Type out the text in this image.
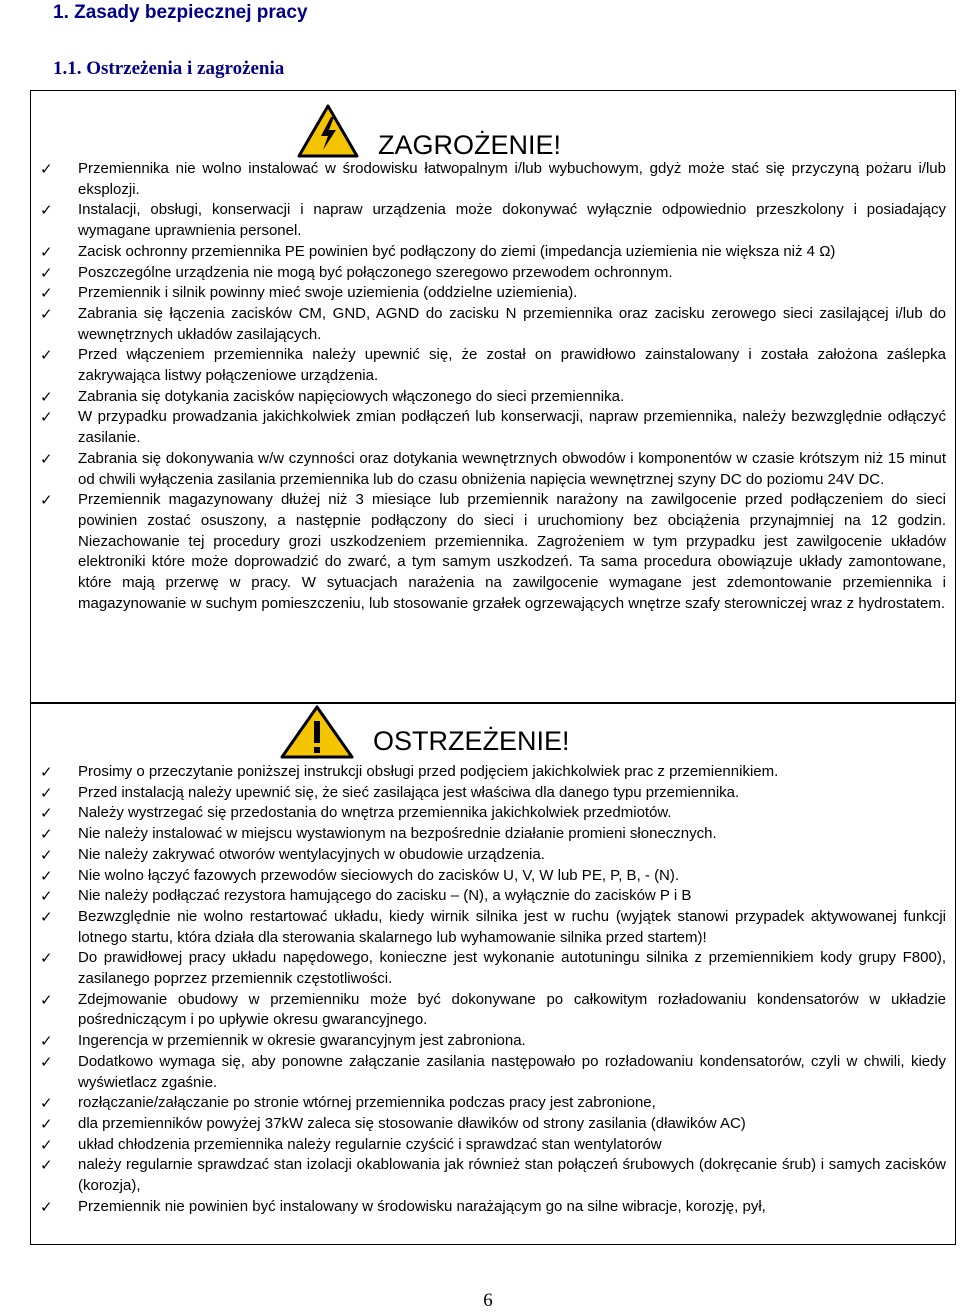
1. Zasady bezpiecznej pracy
1.1. Ostrzeżenia i zagrożenia
ZAGROŻENIE!
✓ Przemiennika nie wolno instalować w środowisku łatwopalnym i/lub wybuchowym, gdyż może stać się przyczyną pożaru i/lub eksplozji.
✓ Instalacji, obsługi, konserwacji i napraw urządzenia może dokonywać wyłącznie odpowiednio przeszkolony i posiadający wymagane uprawnienia personel.
✓ Zacisk ochronny przemiennika PE powinien być podłączony do ziemi (impedancja uziemienia nie większa niż 4 Ω)
✓ Poszczególne urządzenia nie mogą być połączonego szeregowo przewodem ochronnym.
✓ Przemiennik i silnik powinny mieć swoje uziemienia (oddzielne uziemienia).
✓ Zabrania się łączenia zacisków CM, GND, AGND do zacisku N przemiennika oraz zacisku zerowego sieci zasilającej i/lub do wewnętrznych układów zasilających.
✓ Przed włączeniem przemiennika należy upewnić się, że został on prawidłowo zainstalowany i została założona zaślepka zakrywająca listwy połączeniowe urządzenia.
✓ Zabrania się dotykania zacisków napięciowych włączonego do sieci przemiennika.
✓ W przypadku prowadzania jakichkolwiek zmian podłączeń lub konserwacji, napraw przemiennika, należy bezwzględnie odłączyć zasilanie.
✓ Zabrania się dokonywania w/w czynności oraz dotykania wewnętrznych obwodów i komponentów w czasie krótszym niż 15 minut od chwili wyłączenia zasilania przemiennika lub do czasu obniżenia napięcia wewnętrznej szyny DC do poziomu 24V DC.
✓ Przemiennik magazynowany dłużej niż 3 miesiące lub przemiennik narażony na zawilgocenie przed podłączeniem do sieci powinien zostać osuszony, a następnie podłączony do sieci i uruchomiony bez obciążenia przynajmniej na 12 godzin. Niezachowanie tej procedury grozi uszkodzeniem przemiennika. Zagrożeniem w tym przypadku jest zawilgocenie układów elektroniki które może doprowadzić do zwarć, a tym samym uszkodzeń. Ta sama procedura obowiązuje układy zamontowane, które mają przerwę w pracy. W sytuacjach narażenia na zawilgocenie wymagane jest zdemontowanie przemiennika i magazynowanie w suchym pomieszczeniu, lub stosowanie grzałek ogrzewających wnętrze szafy sterowniczej wraz z hydrostatem.
OSTRZEŻENIE!
✓ Prosimy o przeczytanie poniższej instrukcji obsługi przed podjęciem jakichkolwiek prac z przemiennikiem.
✓ Przed instalacją należy upewnić się, że sieć zasilająca jest właściwa dla danego typu przemiennika.
✓ Należy wystrzegać się przedostania do wnętrza przemiennika jakichkolwiek przedmiotów.
✓ Nie należy instalować w miejscu wystawionym na bezpośrednie działanie promieni słonecznych.
✓ Nie należy zakrywać otworów wentylacyjnych w obudowie urządzenia.
✓ Nie wolno łączyć fazowych przewodów sieciowych do zacisków U, V, W lub PE, P, B, - (N).
✓ Nie należy podłączać rezystora hamującego do zacisku – (N), a wyłącznie do zacisków P i B
✓ Bezwzględnie nie wolno restartować układu, kiedy wirnik silnika jest w ruchu (wyjątek stanowi przypadek aktywowanej funkcji lotnego startu, która działa dla sterowania skalarnego lub wyhamowanie silnika przed startem)!
✓ Do prawidłowej pracy układu napędowego, konieczne jest wykonanie autotuningu silnika z przemiennikiem kody grupy F800), zasilanego poprzez przemiennik częstotliwości.
✓ Zdejmowanie obudowy w przemienniku może być dokonywane po całkowitym rozładowaniu kondensatorów w układzie pośredniczącym i po upływie okresu gwarancyjnego.
✓ Ingerencja w przemiennik w okresie gwarancyjnym jest zabroniona.
✓ Dodatkowo wymaga się, aby ponowne załączanie zasilania następowało po rozładowaniu kondensatorów, czyli w chwili, kiedy wyświetlacz zgaśnie.
✓ rozłączanie/załączanie po stronie wtórnej przemiennika podczas pracy jest zabronione,
✓ dla przemienników powyżej 37kW zaleca się stosowanie dławików od strony zasilania (dławików AC)
✓ układ chłodzenia przemiennika należy regularnie czyścić i sprawdzać stan wentylatorów
✓ należy regularnie sprawdzać stan izolacji okablowania jak również stan połączeń śrubowych (dokręcanie śrub) i samych zacisków (korozja),
✓ Przemiennik nie powinien być instalowany w środowisku narażającym go na silne wibracje, korozję, pył,
6
